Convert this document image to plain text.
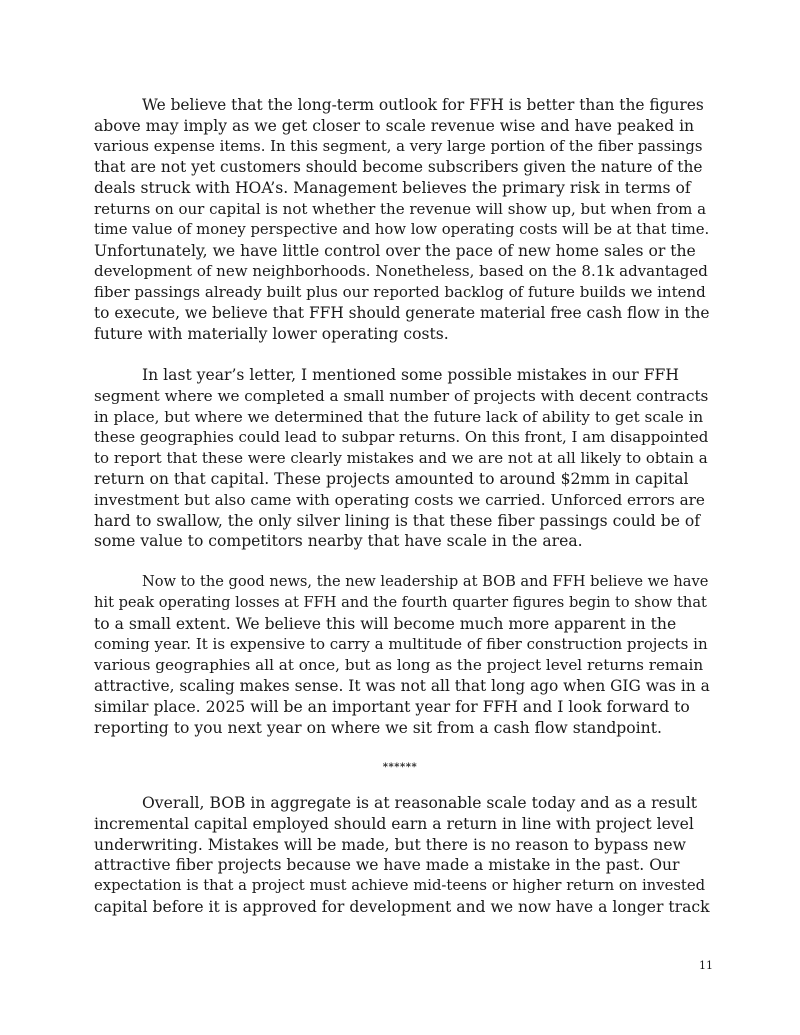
We believe that the long-term outlook for FFH is better than the figures
above may imply as we get closer to scale revenue wise and have peaked in
various expense items. In this segment, a very large portion of the fiber passings
that are not yet customers should become subscribers given the nature of the
deals struck with HOA’s. Management believes the primary risk in terms of
returns on our capital is not whether the revenue will show up, but when from a
time value of money perspective and how low operating costs will be at that time.
Unfortunately, we have little control over the pace of new home sales or the
development of new neighborhoods. Nonetheless, based on the 8.1k advantaged
fiber passings already built plus our reported backlog of future builds we intend
to execute, we believe that FFH should generate material free cash flow in the
future with materially lower operating costs.

In last year’s letter, I mentioned some possible mistakes in our FFH
segment where we completed a small number of projects with decent contracts
in place, but where we determined that the future lack of ability to get scale in
these geographies could lead to subpar returns. On this front, I am disappointed
to report that these were clearly mistakes and we are not at all likely to obtain a
return on that capital. These projects amounted to around $2mm in capital
investment but also came with operating costs we carried. Unforced errors are
hard to swallow, the only silver lining is that these fiber passings could be of
some value to competitors nearby that have scale in the area.

Now to the good news, the new leadership at BOB and FFH believe we have
hit peak operating losses at FFH and the fourth quarter figures begin to show that
to a small extent. We believe this will become much more apparent in the
coming year. It is expensive to carry a multitude of fiber construction projects in
various geographies all at once, but as long as the project level returns remain
attractive, scaling makes sense. It was not all that long ago when GIG was in a
similar place. 2025 will be an important year for FFH and I look forward to
reporting to you next year on where we sit from a cash flow standpoint.

******

Overall, BOB in aggregate is at reasonable scale today and as a result
incremental capital employed should earn a return in line with project level
underwriting. Mistakes will be made, but there is no reason to bypass new
attractive fiber projects because we have made a mistake in the past. Our
expectation is that a project must achieve mid-teens or higher return on invested
capital before it is approved for development and we now have a longer track

11
